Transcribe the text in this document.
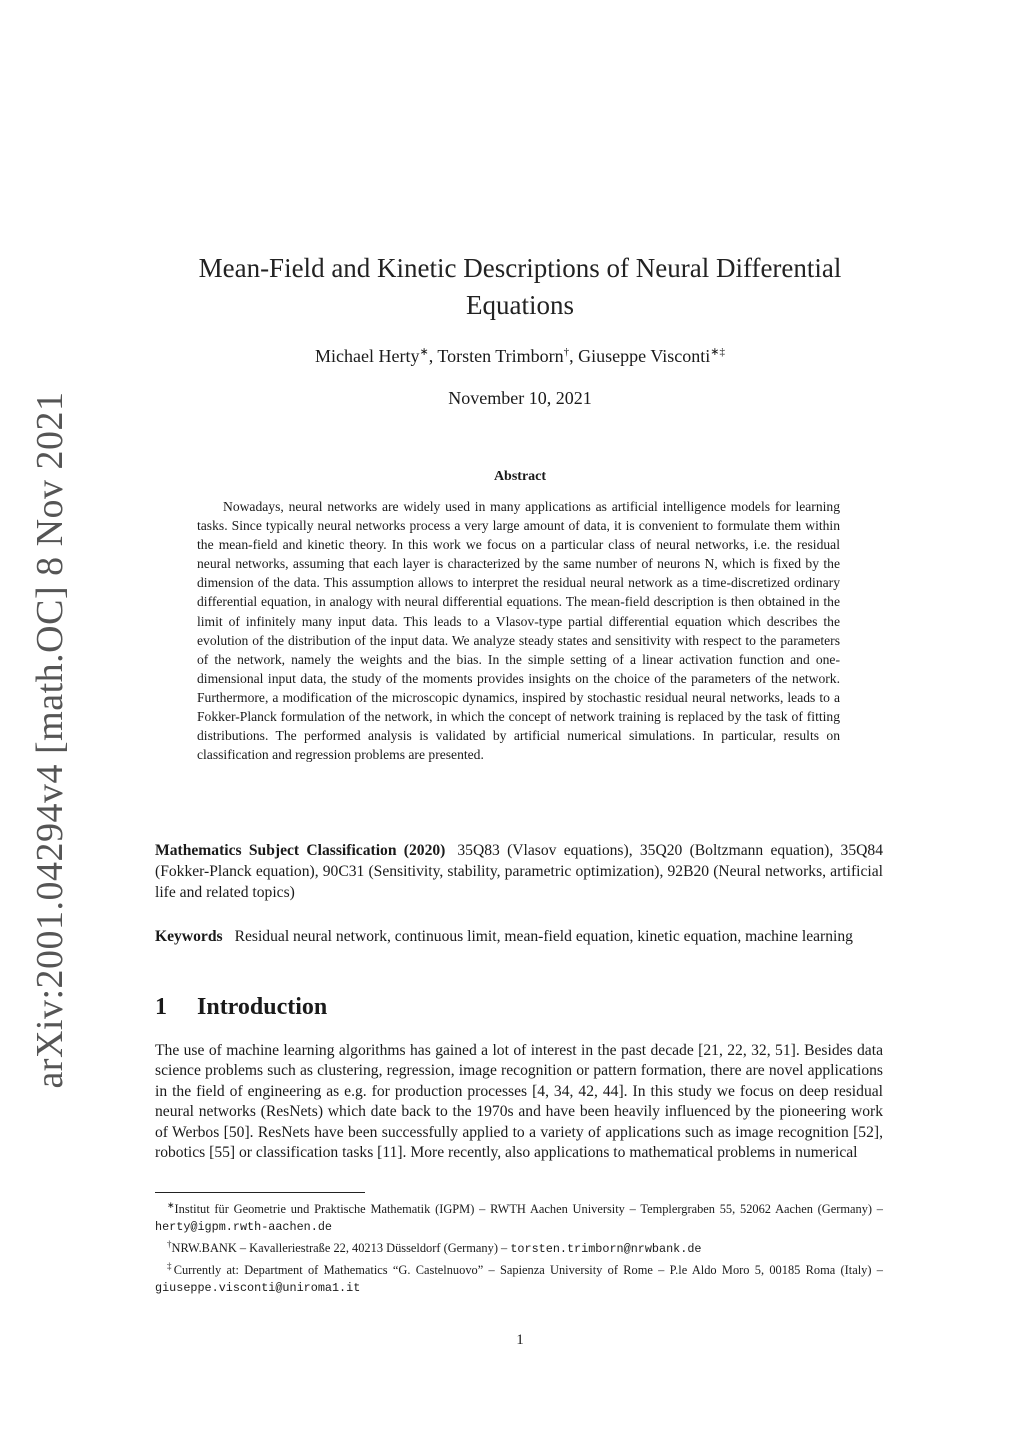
arXiv:2001.04294v4 [math.OC] 8 Nov 2021
Mean-Field and Kinetic Descriptions of Neural Differential
Equations
Michael Herty∗, Torsten Trimborn†, Giuseppe Visconti∗‡
November 10, 2021
Abstract

Nowadays, neural networks are widely used in many applications as artificial intelligence models for learning tasks. Since typically neural networks process a very large amount of data, it is convenient to formulate them within the mean-field and kinetic theory. In this work we focus on a particular class of neural networks, i.e. the residual neural networks, assuming that each layer is characterized by the same number of neurons N, which is fixed by the dimension of the data. This assumption allows to interpret the residual neural network as a time-discretized ordinary differential equation, in analogy with neural differential equations. The mean-field description is then obtained in the limit of infinitely many input data. This leads to a Vlasov-type partial differential equation which describes the evolution of the distribution of the input data. We analyze steady states and sensitivity with respect to the parameters of the network, namely the weights and the bias. In the simple setting of a linear activation function and one-dimensional input data, the study of the moments provides insights on the choice of the parameters of the network. Furthermore, a modification of the microscopic dynamics, inspired by stochastic residual neural networks, leads to a Fokker-Planck formulation of the network, in which the concept of network training is replaced by the task of fitting distributions. The performed analysis is validated by artificial numerical simulations. In particular, results on classification and regression problems are presented.

Mathematics Subject Classification (2020) 35Q83 (Vlasov equations), 35Q20 (Boltzmann equation), 35Q84 (Fokker-Planck equation), 90C31 (Sensitivity, stability, parametric optimization), 92B20 (Neural networks, artificial life and related topics)

Keywords Residual neural network, continuous limit, mean-field equation, kinetic equation, machine learning

1 Introduction

The use of machine learning algorithms has gained a lot of interest in the past decade [21, 22, 32, 51]. Besides data science problems such as clustering, regression, image recognition or pattern formation, there are novel applications in the field of engineering as e.g. for production processes [4, 34, 42, 44]. In this study we focus on deep residual neural networks (ResNets) which date back to the 1970s and have been heavily influenced by the pioneering work of Werbos [50]. ResNets have been successfully applied to a variety of applications such as image recognition [52], robotics [55] or classification tasks [11]. More recently, also applications to mathematical problems in numerical

∗Institut für Geometrie und Praktische Mathematik (IGPM) – RWTH Aachen University – Templergraben 55, 52062 Aachen (Germany) – herty@igpm.rwth-aachen.de

†NRW.BANK – Kavalleriestraße 22, 40213 Düsseldorf (Germany) – torsten.trimborn@nrwbank.de

‡Currently at: Department of Mathematics “G. Castelnuovo” – Sapienza University of Rome – P.le Aldo Moro 5, 00185 Roma (Italy) – giuseppe.visconti@uniroma1.it

1
